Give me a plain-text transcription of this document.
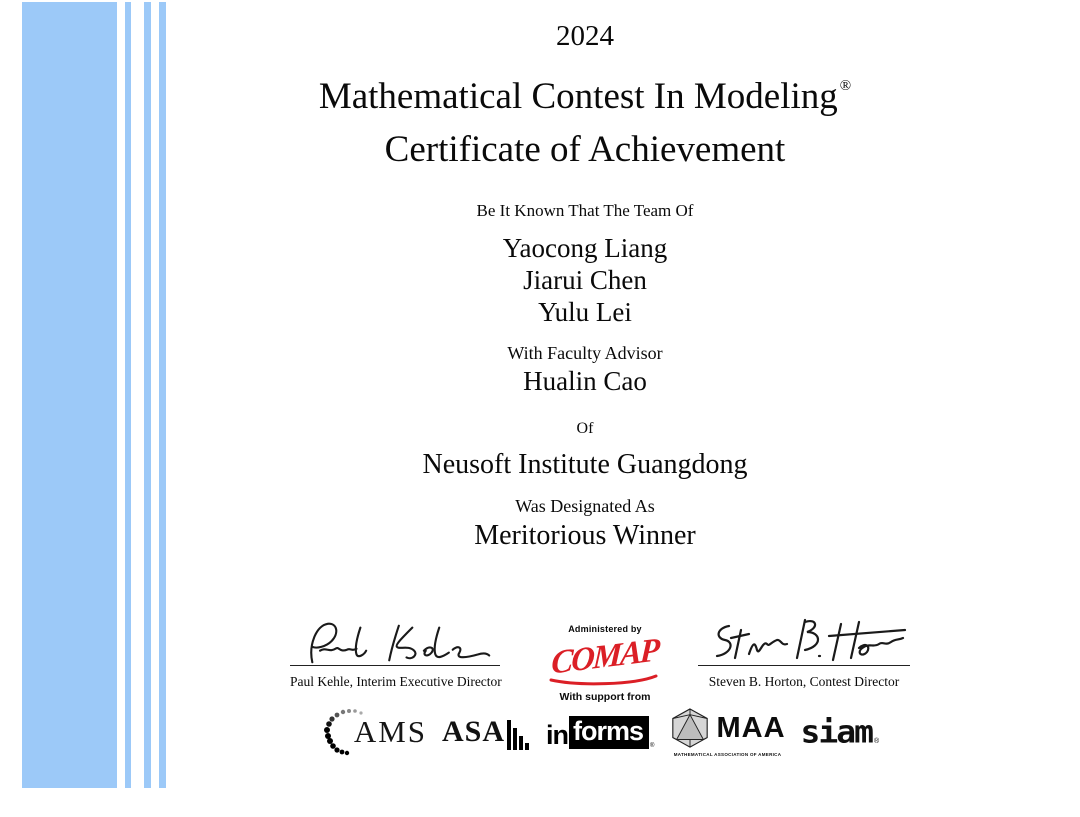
2024
Mathematical Contest In Modeling ®
Certificate of Achievement
Be It Known That The Team Of
Yaocong Liang
Jiarui Chen
Yulu Lei
With Faculty Advisor
Hualin Cao
Of
Neusoft Institute Guangdong
Was Designated As
Meritorious Winner
Paul Kehle, Interim Executive Director
Administered by
COMAP
With support from
Steven B. Horton, Contest Director
AMS ASA in forms	®
MAA
MATHEMATICAL ASSOCIATION OF AMERICA
siam ®
